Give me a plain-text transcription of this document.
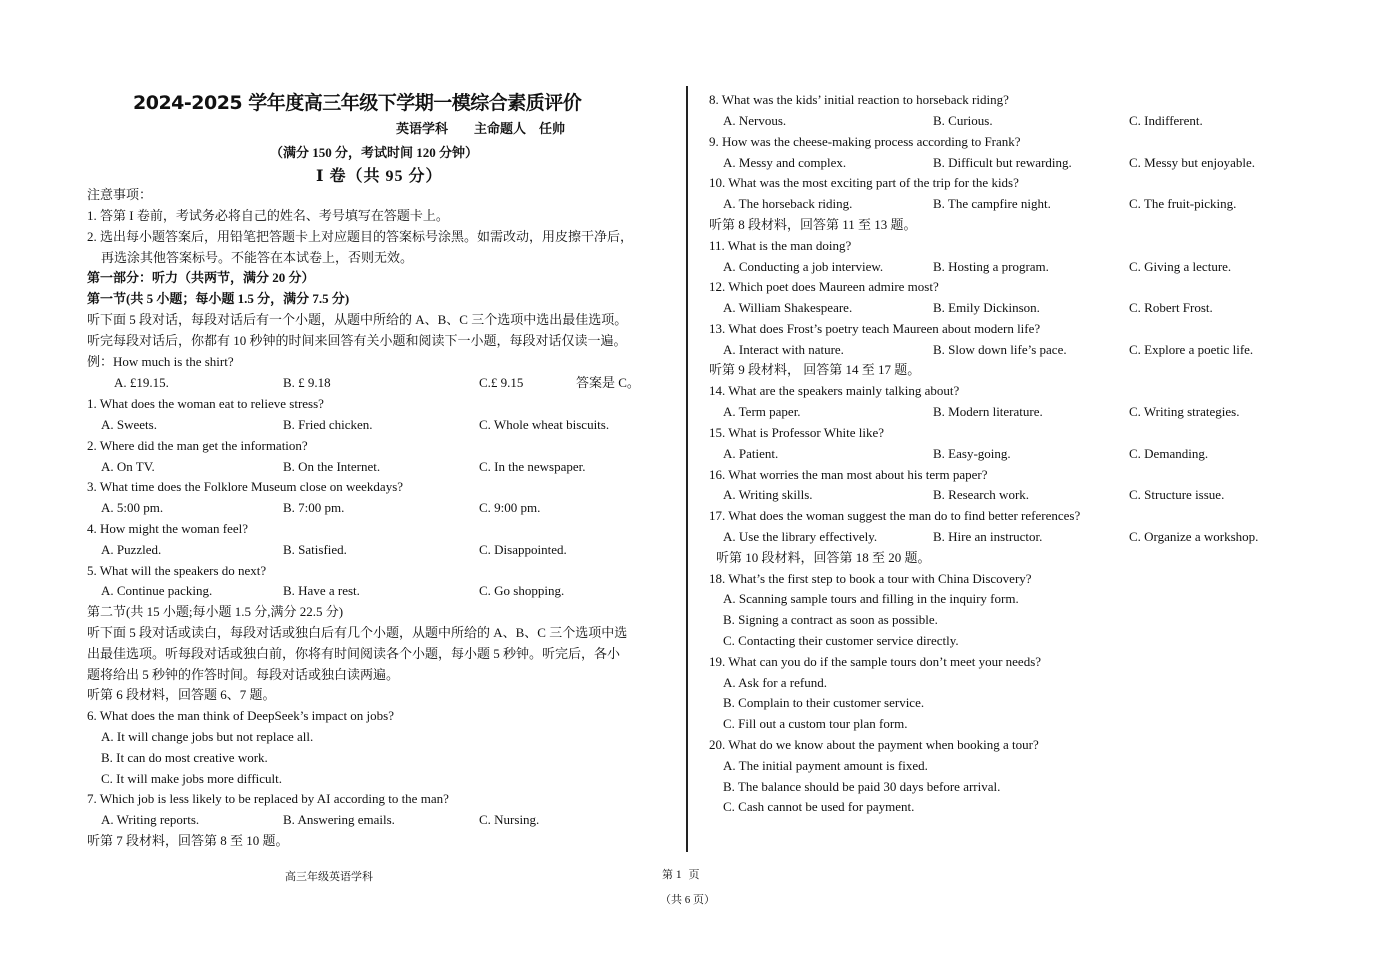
2024-2025 学年度高三年级下学期一模综合素质评价
英语学科　　主命题人　任帅
（满分 150 分，考试时间 120 分钟）
Ⅰ 卷（共 95 分）
注意事项：
1. 答第 I 卷前，考试务必将自己的姓名、考号填写在答题卡上。
2. 选出每小题答案后，用铅笔把答题卡上对应题目的答案标号涂黑。如需改动，用皮擦干净后，
再选涂其他答案标号。不能答在本试卷上，否则无效。
第一部分：听力（共两节，满分 20 分）
第一节(共 5 小题；每小题 1.5 分，满分 7.5 分)
听下面 5 段对话，每段对话后有一个小题，从题中所给的 A、B、C 三个选项中选出最佳选项。
听完每段对话后，你都有 10 秒钟的时间来回答有关小题和阅读下一小题，每段对话仅读一遍。
例：How much is the shirt?
A. £19.15.	B. £ 9.18	C.£ 9.15	答案是 C。
1. What does the woman eat to relieve stress?
A. Sweets.	B. Fried chicken.	C. Whole wheat biscuits.
2. Where did the man get the information?
A. On TV.	B. On the Internet.	C. In the newspaper.
3. What time does the Folklore Museum close on weekdays?
A. 5:00 pm.	B. 7:00 pm.	C. 9:00 pm.
4. How might the woman feel?
A. Puzzled.	B. Satisfied.	C. Disappointed.
5. What will the speakers do next?
A. Continue packing.	B. Have a rest.	C. Go shopping.
第二节(共 15 小题;每小题 1.5 分,满分 22.5 分)
听下面 5 段对话或读白，每段对话或独白后有几个小题，从题中所给的 A、B、C 三个选项中选
出最佳选项。听每段对话或独白前，你将有时间阅读各个小题，每小题 5 秒钟。听完后，各小
题将给出 5 秒钟的作答时间。每段对话或独白读两遍。
听第 6 段材料，回答题 6、7 题。
6. What does the man think of DeepSeek’s impact on jobs?
A. It will change jobs but not replace all.
B. It can do most creative work.
C. It will make jobs more difficult.
7. Which job is less likely to be replaced by AI according to the man?
A. Writing reports.	B. Answering emails.	C. Nursing.
听第 7 段材料，回答第 8 至 10 题。
8. What was the kids’ initial reaction to horseback riding?
A. Nervous.	B. Curious.	C. Indifferent.
9. How was the cheese-making process according to Frank?
A. Messy and complex.	B. Difficult but rewarding.	C. Messy but enjoyable.
10. What was the most exciting part of the trip for the kids?
A. The horseback riding.	B. The campfire night.	C. The fruit-picking.
听第 8 段材料，回答第 11 至 13 题。
11. What is the man doing?
A. Conducting a job interview.	B. Hosting a program.	C. Giving a lecture.
12. Which poet does Maureen admire most?
A. William Shakespeare.	B. Emily Dickinson.	C. Robert Frost.
13. What does Frost’s poetry teach Maureen about modern life?
A. Interact with nature.	B. Slow down life’s pace.	C. Explore a poetic life.
听第 9 段材料， 回答第 14 至 17 题。
14. What are the speakers mainly talking about?
A. Term paper.	B. Modern literature.	C. Writing strategies.
15. What is Professor White like?
A. Patient.	B. Easy-going.	C. Demanding.
16. What worries the man most about his term paper?
A. Writing skills.	B. Research work.	C. Structure issue.
17. What does the woman suggest the man do to find better references?
A. Use the library effectively.	B. Hire an instructor.	C. Organize a workshop.
听第 10 段材料，回答第 18 至 20 题。
18. What’s the first step to book a tour with China Discovery?
A. Scanning sample tours and filling in the inquiry form.
B. Signing a contract as soon as possible.
C. Contacting their customer service directly.
19. What can you do if the sample tours don’t meet your needs?
A. Ask for a refund.
B. Complain to their customer service.
C. Fill out a custom tour plan form.
20. What do we know about the payment when booking a tour?
A. The initial payment amount is fixed.
B. The balance should be paid 30 days before arrival.
C. Cash cannot be used for payment.
高三年级英语学科	第 1 页
（共 6 页）
